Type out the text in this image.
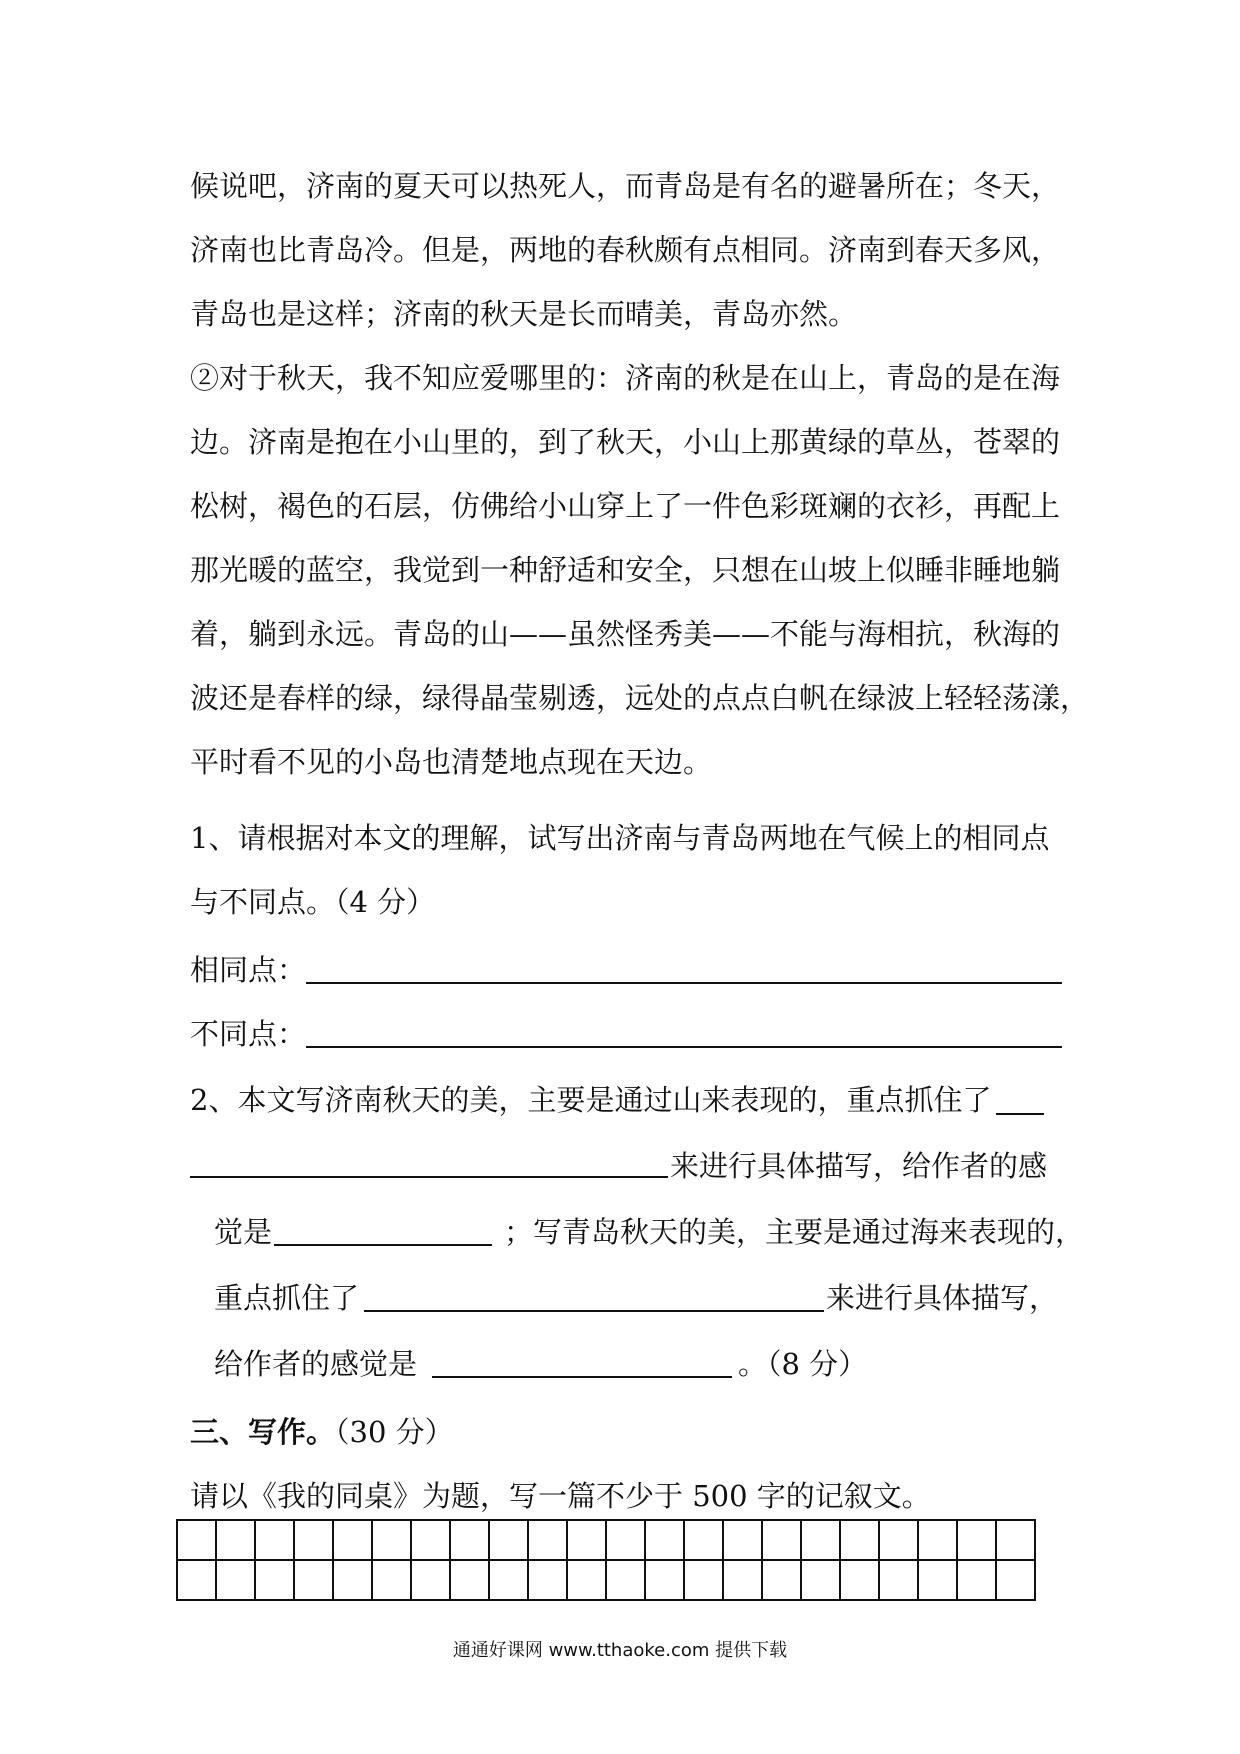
候说吧，济南的夏天可以热死人，而青岛是有名的避暑所在；冬天，
济南也比青岛冷。但是，两地的春秋颇有点相同。济南到春天多风，
青岛也是这样；济南的秋天是长而晴美，青岛亦然。
②对于秋天，我不知应爱哪里的：济南的秋是在山上，青岛的是在海
边。济南是抱在小山里的，到了秋天，小山上那黄绿的草丛，苍翠的
松树，褐色的石层，仿佛给小山穿上了一件色彩斑斓的衣衫，再配上
那光暖的蓝空，我觉到一种舒适和安全，只想在山坡上似睡非睡地躺
着，躺到永远。青岛的山——虽然怪秀美——不能与海相抗，秋海的
波还是春样的绿，绿得晶莹剔透，远处的点点白帆在绿波上轻轻荡漾，
平时看不见的小岛也清楚地点现在天边。
1、请根据对本文的理解，试写出济南与青岛两地在气候上的相同点
与不同点。（4 分）
相同点：
不同点：
2、本文写济南秋天的美，主要是通过山来表现的，重点抓住了
来进行具体描写，给作者的感
觉是	；写青岛秋天的美，主要是通过海来表现的，
重点抓住了	来进行具体描写，
给作者的感觉是	。（8 分）
三、写作。（30 分）
请以《我的同桌》为题，写一篇不少于 500 字的记叙文。

通通好课网 www.tthaoke.com 提供下载
